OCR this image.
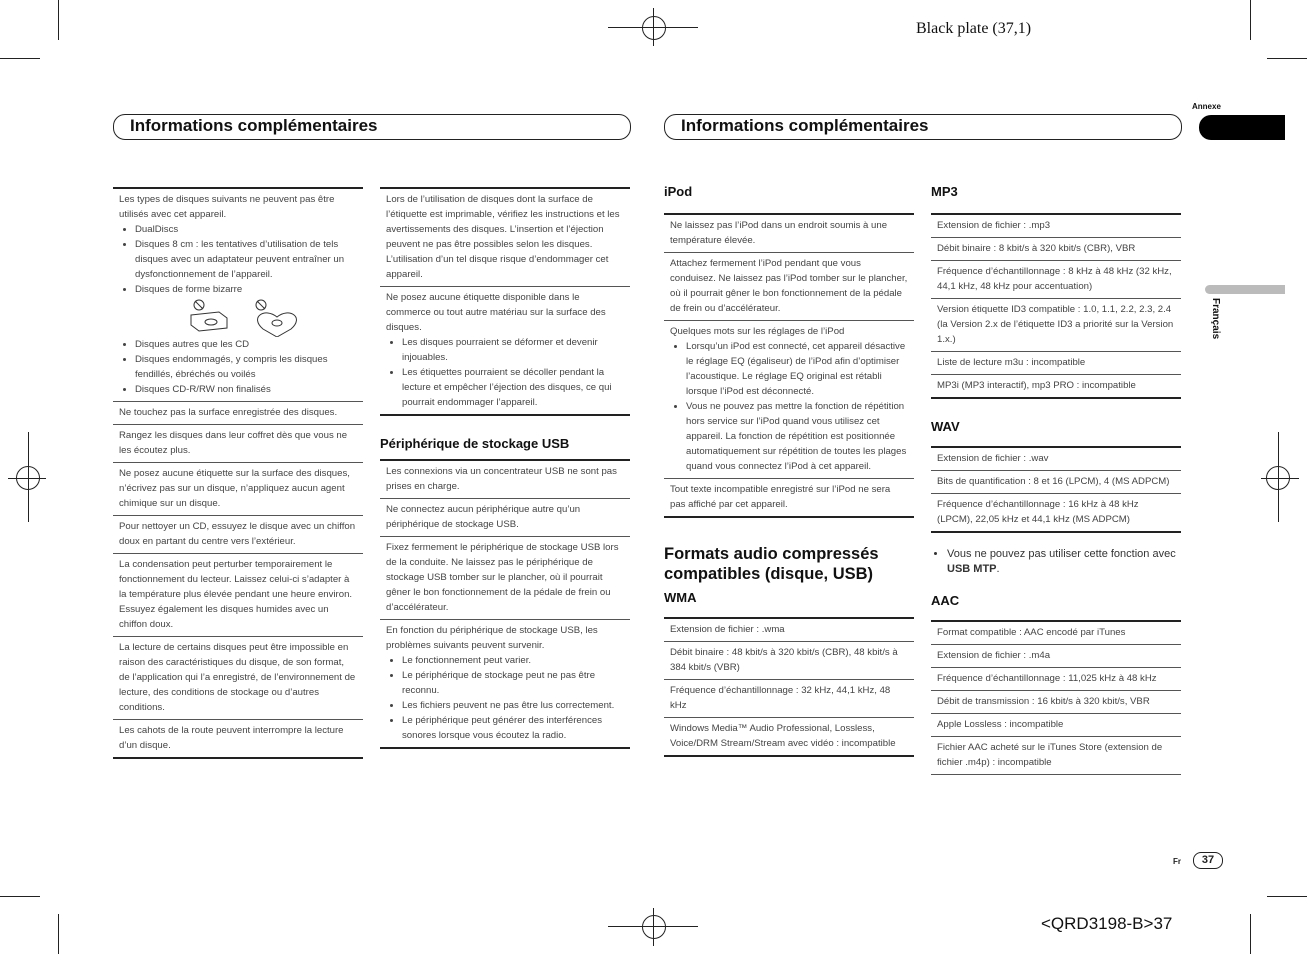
Black plate (37,1)
<QRD3198-B>37
Informations complémentaires	Informations complémentaires
Annexe
Français
Fr	37
Les types de disques suivants ne peuvent pas être utilisés avec cet appareil.
• DualDiscs
• Disques 8 cm : les tentatives d’utilisation de tels disques avec un adaptateur peuvent entraîner un dysfonctionnement de l’appareil.
• Disques de forme bizarre
• Disques autres que les CD
• Disques endommagés, y compris les disques fendillés, ébréchés ou voilés
• Disques CD-R/RW non finalisés
Ne touchez pas la surface enregistrée des disques.
Rangez les disques dans leur coffret dès que vous ne les écoutez plus.
Ne posez aucune étiquette sur la surface des disques, n’écrivez pas sur un disque, n’appliquez aucun agent chimique sur un disque.
Pour nettoyer un CD, essuyez le disque avec un chiffon doux en partant du centre vers l’extérieur.
La condensation peut perturber temporairement le fonctionnement du lecteur. Laissez celui-ci s’adapter à la température plus élevée pendant une heure environ. Essuyez également les disques humides avec un chiffon doux.
La lecture de certains disques peut être impossible en raison des caractéristiques du disque, de son format, de l’application qui l’a enregistré, de l’environnement de lecture, des conditions de stockage ou d’autres conditions.
Les cahots de la route peuvent interrompre la lecture d’un disque.
Lors de l’utilisation de disques dont la surface de l’étiquette est imprimable, vérifiez les instructions et les avertissements des disques. L’insertion et l’éjection peuvent ne pas être possibles selon les disques. L’utilisation d’un tel disque risque d’endommager cet appareil.
Ne posez aucune étiquette disponible dans le commerce ou tout autre matériau sur la surface des disques.
• Les disques pourraient se déformer et devenir injouables.
• Les étiquettes pourraient se décoller pendant la lecture et empêcher l’éjection des disques, ce qui pourrait endommager l’appareil.
Périphérique de stockage USB
Les connexions via un concentrateur USB ne sont pas prises en charge.
Ne connectez aucun périphérique autre qu’un périphérique de stockage USB.
Fixez fermement le périphérique de stockage USB lors de la conduite. Ne laissez pas le périphérique de stockage USB tomber sur le plancher, où il pourrait gêner le bon fonctionnement de la pédale de frein ou d’accélérateur.
En fonction du périphérique de stockage USB, les problèmes suivants peuvent survenir.
• Le fonctionnement peut varier.
• Le périphérique de stockage peut ne pas être reconnu.
• Les fichiers peuvent ne pas être lus correctement.
• Le périphérique peut générer des interférences sonores lorsque vous écoutez la radio.
iPod
Ne laissez pas l’iPod dans un endroit soumis à une température élevée.
Attachez fermement l’iPod pendant que vous conduisez. Ne laissez pas l’iPod tomber sur le plancher, où il pourrait gêner le bon fonctionnement de la pédale de frein ou d’accélérateur.
Quelques mots sur les réglages de l’iPod
• Lorsqu’un iPod est connecté, cet appareil désactive le réglage EQ (égaliseur) de l’iPod afin d’optimiser l’acoustique. Le réglage EQ original est rétabli lorsque l’iPod est déconnecté.
• Vous ne pouvez pas mettre la fonction de répétition hors service sur l’iPod quand vous utilisez cet appareil. La fonction de répétition est positionnée automatiquement sur répétition de toutes les plages quand vous connectez l’iPod à cet appareil.
Tout texte incompatible enregistré sur l’iPod ne sera pas affiché par cet appareil.
Formats audio compressés compatibles (disque, USB)
WMA
Extension de fichier : .wma
Débit binaire : 48 kbit/s à 320 kbit/s (CBR), 48 kbit/s à 384 kbit/s (VBR)
Fréquence d’échantillonnage : 32 kHz, 44,1 kHz, 48 kHz
Windows Media™ Audio Professional, Lossless, Voice/DRM Stream/Stream avec vidéo : incompatible
MP3
Extension de fichier : .mp3
Débit binaire : 8 kbit/s à 320 kbit/s (CBR), VBR
Fréquence d’échantillonnage : 8 kHz à 48 kHz (32 kHz, 44,1 kHz, 48 kHz pour accentuation)
Version étiquette ID3 compatible : 1.0, 1.1, 2.2, 2.3, 2.4 (la Version 2.x de l’étiquette ID3 a priorité sur la Version 1.x.)
Liste de lecture m3u : incompatible
MP3i (MP3 interactif), mp3 PRO : incompatible
WAV
Extension de fichier : .wav
Bits de quantification : 8 et 16 (LPCM), 4 (MS ADPCM)
Fréquence d’échantillonnage : 16 kHz à 48 kHz (LPCM), 22,05 kHz et 44,1 kHz (MS ADPCM)
• Vous ne pouvez pas utiliser cette fonction avec USB MTP.
AAC
Format compatible : AAC encodé par iTunes
Extension de fichier : .m4a
Fréquence d’échantillonnage : 11,025 kHz à 48 kHz
Débit de transmission : 16 kbit/s à 320 kbit/s, VBR
Apple Lossless : incompatible
Fichier AAC acheté sur le iTunes Store (extension de fichier .m4p) : incompatible
